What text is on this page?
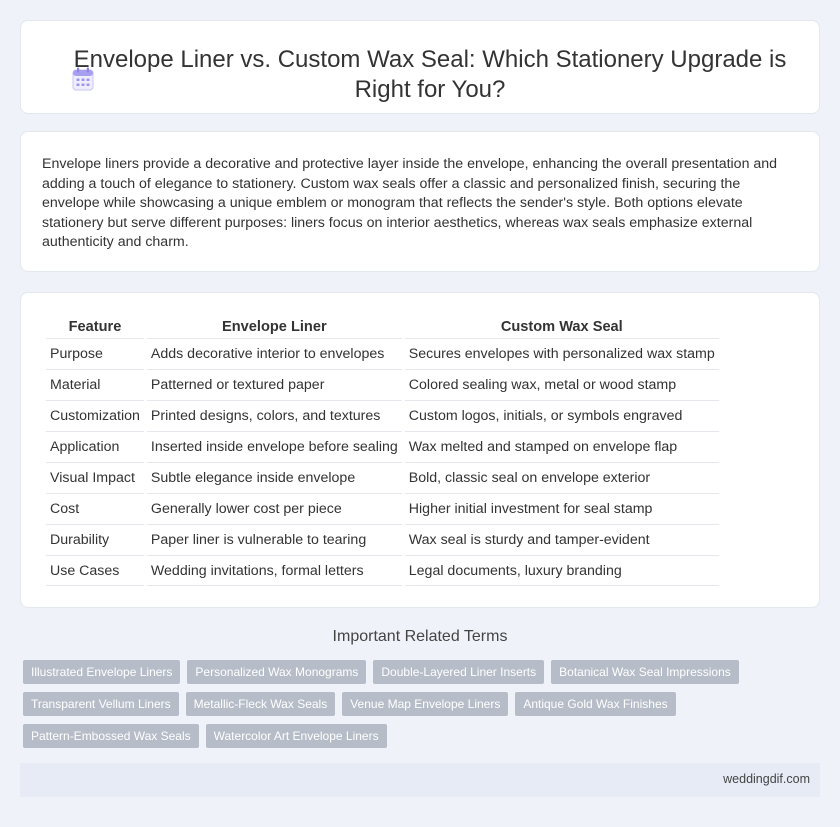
Envelope Liner vs. Custom Wax Seal: Which Stationery Upgrade is Right for You?

Envelope liners provide a decorative and protective layer inside the envelope, enhancing the overall presentation and adding a touch of elegance to stationery. Custom wax seals offer a classic and personalized finish, securing the envelope while showcasing a unique emblem or monogram that reflects the sender's style. Both options elevate stationery but serve different purposes: liners focus on interior aesthetics, whereas wax seals emphasize external authenticity and charm.

Feature	Envelope Liner	Custom Wax Seal
Purpose	Adds decorative interior to envelopes	Secures envelopes with personalized wax stamp
Material	Patterned or textured paper	Colored sealing wax, metal or wood stamp
Customization	Printed designs, colors, and textures	Custom logos, initials, or symbols engraved
Application	Inserted inside envelope before sealing	Wax melted and stamped on envelope flap
Visual Impact	Subtle elegance inside envelope	Bold, classic seal on envelope exterior
Cost	Generally lower cost per piece	Higher initial investment for seal stamp
Durability	Paper liner is vulnerable to tearing	Wax seal is sturdy and tamper-evident
Use Cases	Wedding invitations, formal letters	Legal documents, luxury branding
Important Related Terms
Illustrated Envelope Liners	Personalized Wax Monograms	Double-Layered Liner Inserts	Botanical Wax Seal Impressions
Transparent Vellum Liners	Metallic-Fleck Wax Seals	Venue Map Envelope Liners	Antique Gold Wax Finishes
Pattern-Embossed Wax Seals	Watercolor Art Envelope Liners
weddingdif.com
